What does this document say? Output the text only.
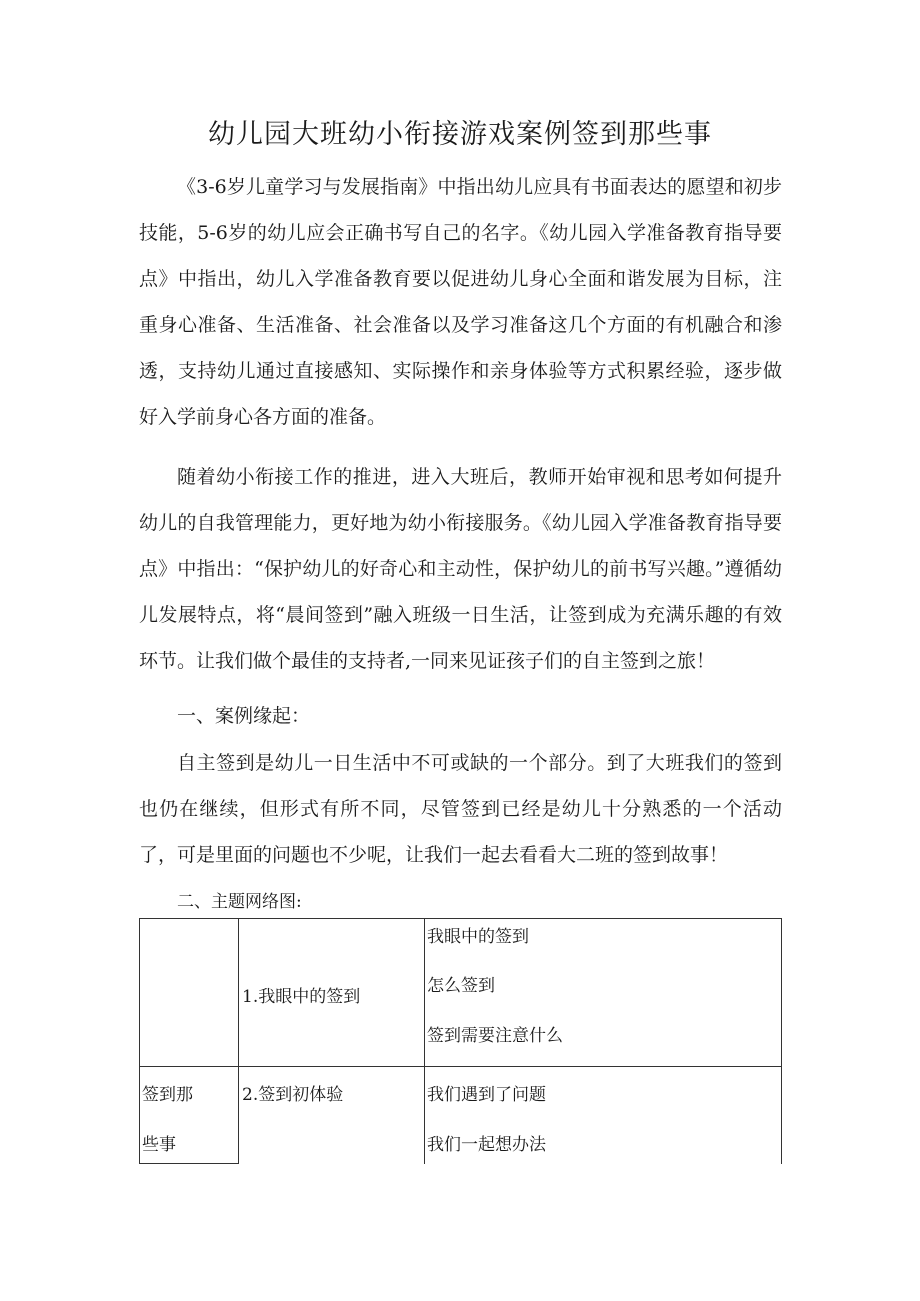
幼儿园大班幼小衔接游戏案例签到那些事

《3-6岁儿童学习与发展指南》中指出幼儿应具有书面表达的愿望和初步技能，5-6岁的幼儿应会正确书写自己的名字。《幼儿园入学准备教育指导要点》中指出，幼儿入学准备教育要以促进幼儿身心全面和谐发展为目标，注重身心准备、生活准备、社会准备以及学习准备这几个方面的有机融合和渗透，支持幼儿通过直接感知、实际操作和亲身体验等方式积累经验，逐步做好入学前身心各方面的准备。

随着幼小衔接工作的推进，进入大班后，教师开始审视和思考如何提升幼儿的自我管理能力，更好地为幼小衔接服务。《幼儿园入学准备教育指导要点》中指出：“保护幼儿的好奇心和主动性，保护幼儿的前书写兴趣。”遵循幼儿发展特点，将“晨间签到”融入班级一日生活，让签到成为充满乐趣的有效环节。让我们做个最佳的支持者,一同来见证孩子们的自主签到之旅！

一、案例缘起：

自主签到是幼儿一日生活中不可或缺的一个部分。到了大班我们的签到也仍在继续，但形式有所不同，尽管签到已经是幼儿十分熟悉的一个活动了，可是里面的问题也不少呢，让我们一起去看看大二班的签到故事！

二、主题网络图:

签到那

些事

1.我眼中的签到

我眼中的签到

怎么签到

签到需要注意什么

2.签到初体验	我们遇到了问题

我们一起想办法
